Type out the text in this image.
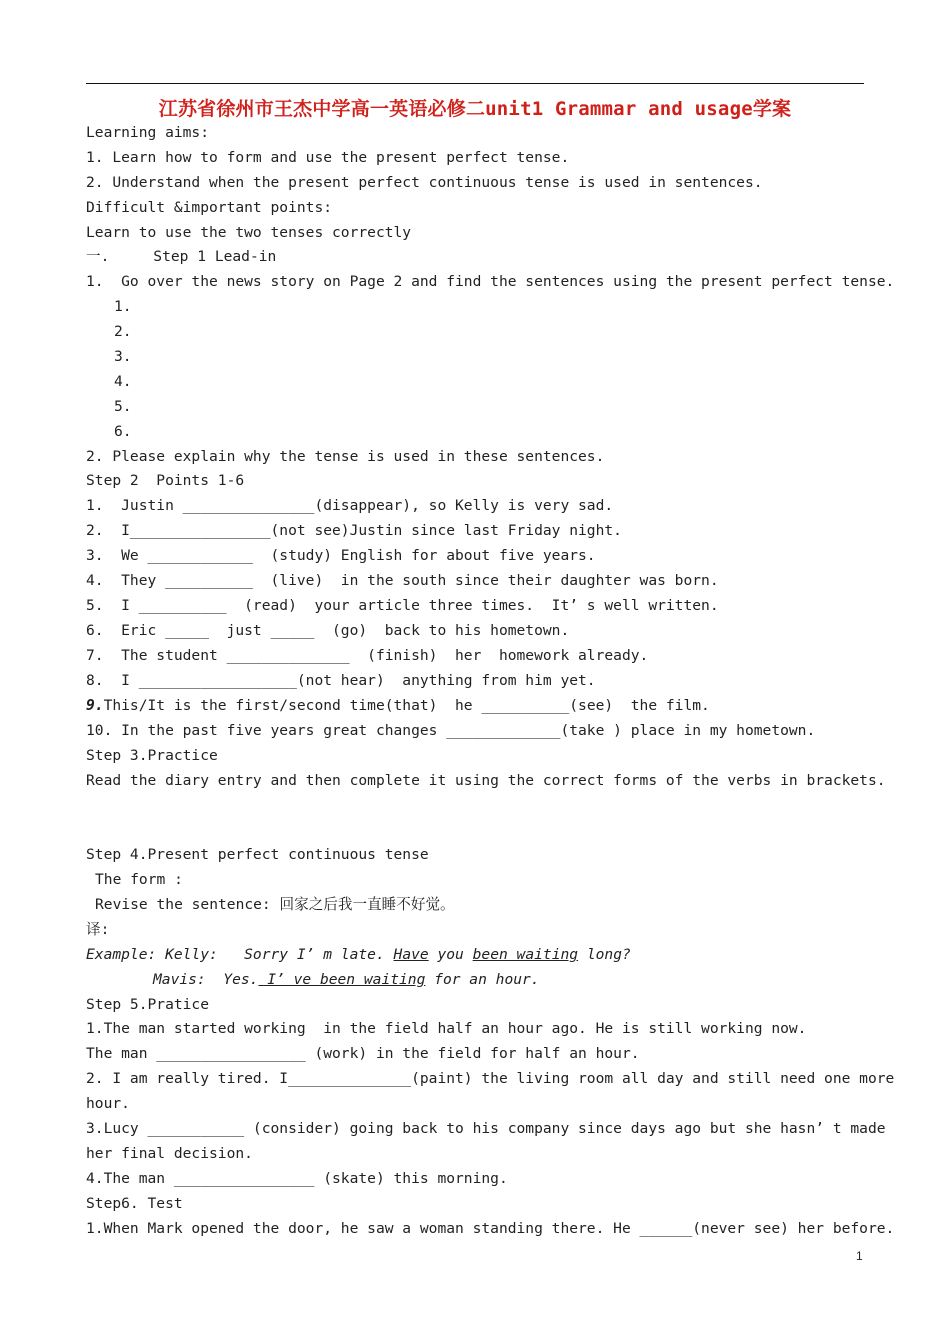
江苏省徐州市王杰中学高一英语必修二unit1 Grammar and usage学案
Learning aims:
1. Learn how to form and use the present perfect tense.
2. Understand when the present perfect continuous tense is used in sentences.
Difficult &important points:
Learn to use the two tenses correctly
一.     Step 1 Lead-in
1.  Go over the news story on Page 2 and find the sentences using the present perfect tense.
1.
2.
3.
4.
5.
6.
2. Please explain why the tense is used in these sentences.
Step 2  Points 1-6
1.  Justin _______________(disappear), so Kelly is very sad.
2.  I________________(not see)Justin since last Friday night.
3.  We ____________  (study) English for about five years.
4.  They __________  (live)  in the south since their daughter was born.
5.  I __________  (read)  your article three times.  It’ s well written.
6.  Eric _____  just _____  (go)  back to his hometown.
7.  The student ______________  (finish)  her  homework already.
8.  I __________________(not hear)  anything from him yet.
9.This/It is the first/second time(that)  he __________(see)  the film.
10. In the past five years great changes _____________(take ) place in my hometown.
Step 3.Practice
Read the diary entry and then complete it using the correct forms of the verbs in brackets.
Step 4.Present perfect continuous tense
The form :
Revise the sentence: 回家之后我一直睡不好觉。
译:
Example: Kelly:   Sorry I’ m late. Have you been waiting long?
Mavis:  Yes. I’ ve been waiting for an hour.
Step 5.Pratice
1.The man started working  in the field half an hour ago. He is still working now.
The man _________________ (work) in the field for half an hour.
2. I am really tired. I______________(paint) the living room all day and still need one more
hour.
3.Lucy ___________ (consider) going back to his company since days ago but she hasn’ t made
her final decision.
4.The man ________________ (skate) this morning.
Step6. Test
1.When Mark opened the door, he saw a woman standing there. He ______(never see) her before.
1
